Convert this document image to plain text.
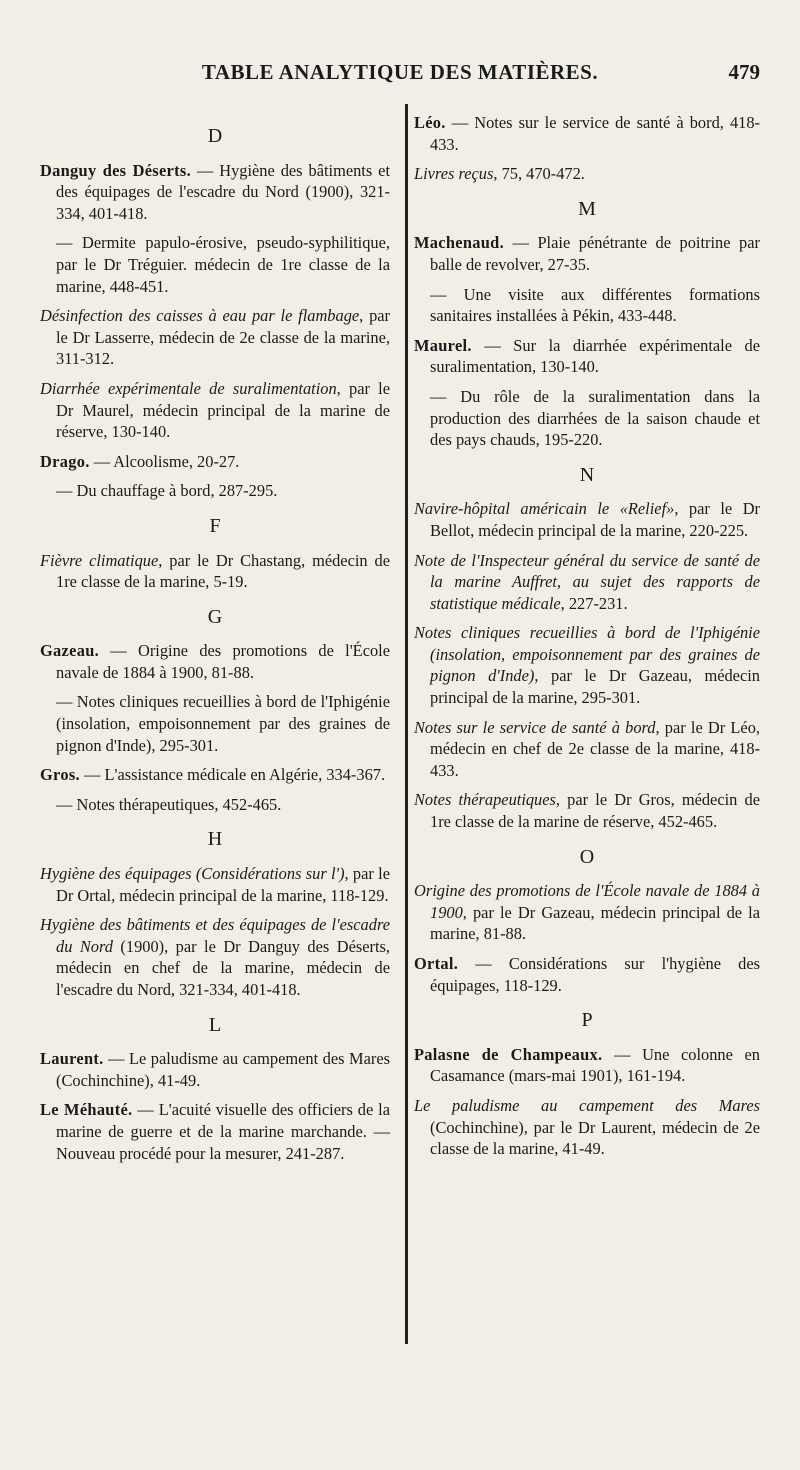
TABLE ANALYTIQUE DES MATIÈRES.	479
D

Danguy des Déserts. — Hygiène des bâtiments et des équipages de l'escadre du Nord (1900), 321-334, 401-418.

— Dermite papulo-érosive, pseudo-syphilitique, par le Dr Tréguier. médecin de 1re classe de la marine, 448-451.

Désinfection des caisses à eau par le flambage, par le Dr Lasserre, médecin de 2e classe de la marine, 311-312.

Diarrhée expérimentale de suralimentation, par le Dr Maurel, médecin principal de la marine de réserve, 130-140.

Drago. — Alcoolisme, 20-27.

— Du chauffage à bord, 287-295.

F

Fièvre climatique, par le Dr Chastang, médecin de 1re classe de la marine, 5-19.

G

Gazeau. — Origine des promotions de l'École navale de 1884 à 1900, 81-88.

— Notes cliniques recueillies à bord de l'Iphigénie (insolation, empoisonnement par des graines de pignon d'Inde), 295-301.

Gros. — L'assistance médicale en Algérie, 334-367.

— Notes thérapeutiques, 452-465.

H

Hygiène des équipages (Considérations sur l'), par le Dr Ortal, médecin principal de la marine, 118-129.

Hygiène des bâtiments et des équipages de l'escadre du Nord (1900), par le Dr Danguy des Déserts, médecin en chef de la marine, médecin de l'escadre du Nord, 321-334, 401-418.

L

Laurent. — Le paludisme au campement des Mares (Cochinchine), 41-49.

Le Méhauté. — L'acuité visuelle des officiers de la marine de guerre et de la marine marchande. — Nouveau procédé pour la mesurer, 241-287.

Léo. — Notes sur le service de santé à bord, 418-433.

Livres reçus, 75, 470-472.

M

Machenaud. — Plaie pénétrante de poitrine par balle de revolver, 27-35.

— Une visite aux différentes formations sanitaires installées à Pékin, 433-448.

Maurel. — Sur la diarrhée expérimentale de suralimentation, 130-140.

— Du rôle de la suralimentation dans la production des diarrhées de la saison chaude et des pays chauds, 195-220.

N

Navire-hôpital américain le «Relief», par le Dr Bellot, médecin principal de la marine, 220-225.

Note de l'Inspecteur général du service de santé de la marine Auffret, au sujet des rapports de statistique médicale, 227-231.

Notes cliniques recueillies à bord de l'Iphigénie (insolation, empoisonnement par des graines de pignon d'Inde), par le Dr Gazeau, médecin principal de la marine, 295-301.

Notes sur le service de santé à bord, par le Dr Léo, médecin en chef de 2e classe de la marine, 418-433.

Notes thérapeutiques, par le Dr Gros, médecin de 1re classe de la marine de réserve, 452-465.

O

Origine des promotions de l'École navale de 1884 à 1900, par le Dr Gazeau, médecin principal de la marine, 81-88.

Ortal. — Considérations sur l'hygiène des équipages, 118-129.

P

Palasne de Champeaux. — Une colonne en Casamance (mars-mai 1901), 161-194.

Le paludisme au campement des Mares (Cochinchine), par le Dr Laurent, médecin de 2e classe de la marine, 41-49.
